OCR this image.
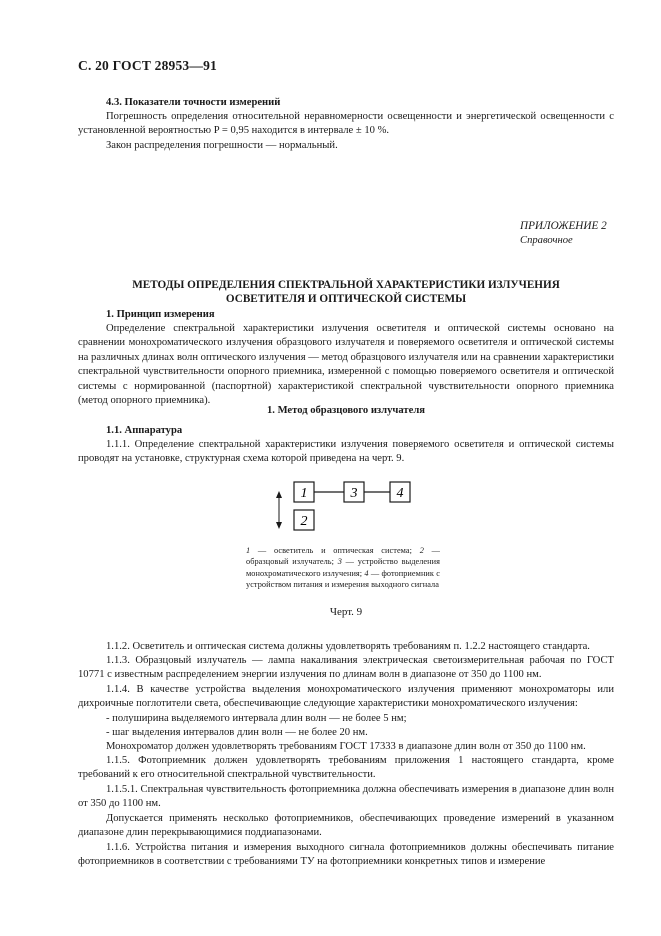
С. 20 ГОСТ 28953—91
4.3. Показатели точности измерений
Погрешность определения относительной неравномерности освещенности и энергетической освещенности с установленной вероятностью P = 0,95 находится в интервале ± 10 %.
Закон распределения погрешности — нормальный.
ПРИЛОЖЕНИЕ 2
Справочное
МЕТОДЫ ОПРЕДЕЛЕНИЯ СПЕКТРАЛЬНОЙ ХАРАКТЕРИСТИКИ ИЗЛУЧЕНИЯ
ОСВЕТИТЕЛЯ И ОПТИЧЕСКОЙ СИСТЕМЫ
1. Принцип измерения
Определение спектральной характеристики излучения осветителя и оптической системы основано на сравнении монохроматического излучения образцового излучателя и поверяемого осветителя и оптической системы на различных длинах волн оптического излучения — метод образцового излучателя или на сравнении характеристики спектральной чувствительности опорного приемника, измеренной с помощью поверяемого осветителя и оптической системы с нормированной (паспортной) характеристикой спектральной чувствительности опорного приемника (метод опорного приемника).
1. Метод образцового излучателя
1.1. Аппаратура
1.1.1. Определение спектральной характеристики излучения поверяемого осветителя и оптической системы проводят на установке, структурная схема которой приведена на черт. 9.
1	3	4
2
1 — осветитель и оптическая система; 2 — образцовый излучатель; 3 — устройство выделения монохроматического излучения; 4 — фотоприемник с устройством питания и измерения выходного сигнала
Черт. 9
1.1.2. Осветитель и оптическая система должны удовлетворять требованиям п. 1.2.2 настоящего стандарта.
1.1.3. Образцовый излучатель — лампа накаливания электрическая светоизмерительная рабочая по ГОСТ 10771 с известным распределением энергии излучения по длинам волн в диапазоне от 350 до 1100 нм.
1.1.4. В качестве устройства выделения монохроматического излучения применяют монохроматоры или дихроичные поглотители света, обеспечивающие следующие характеристики монохроматического излучения:
- полуширина выделяемого интервала длин волн — не более 5 нм;
- шаг выделения интервалов длин волн — не более 20 нм.
Монохроматор должен удовлетворять требованиям ГОСТ 17333 в диапазоне длин волн от 350 до 1100 нм.
1.1.5. Фотоприемник должен удовлетворять требованиям приложения 1 настоящего стандарта, кроме требований к его относительной спектральной чувствительности.
1.1.5.1. Спектральная чувствительность фотоприемника должна обеспечивать измерения в диапазоне длин волн от 350 до 1100 нм.
Допускается применять несколько фотоприемников, обеспечивающих проведение измерений в указанном диапазоне длин перекрывающимися поддиапазонами.
1.1.6. Устройства питания и измерения выходного сигнала фотоприемников должны обеспечивать питание фотоприемников в соответствии с требованиями ТУ на фотоприемники конкретных типов и измерение
